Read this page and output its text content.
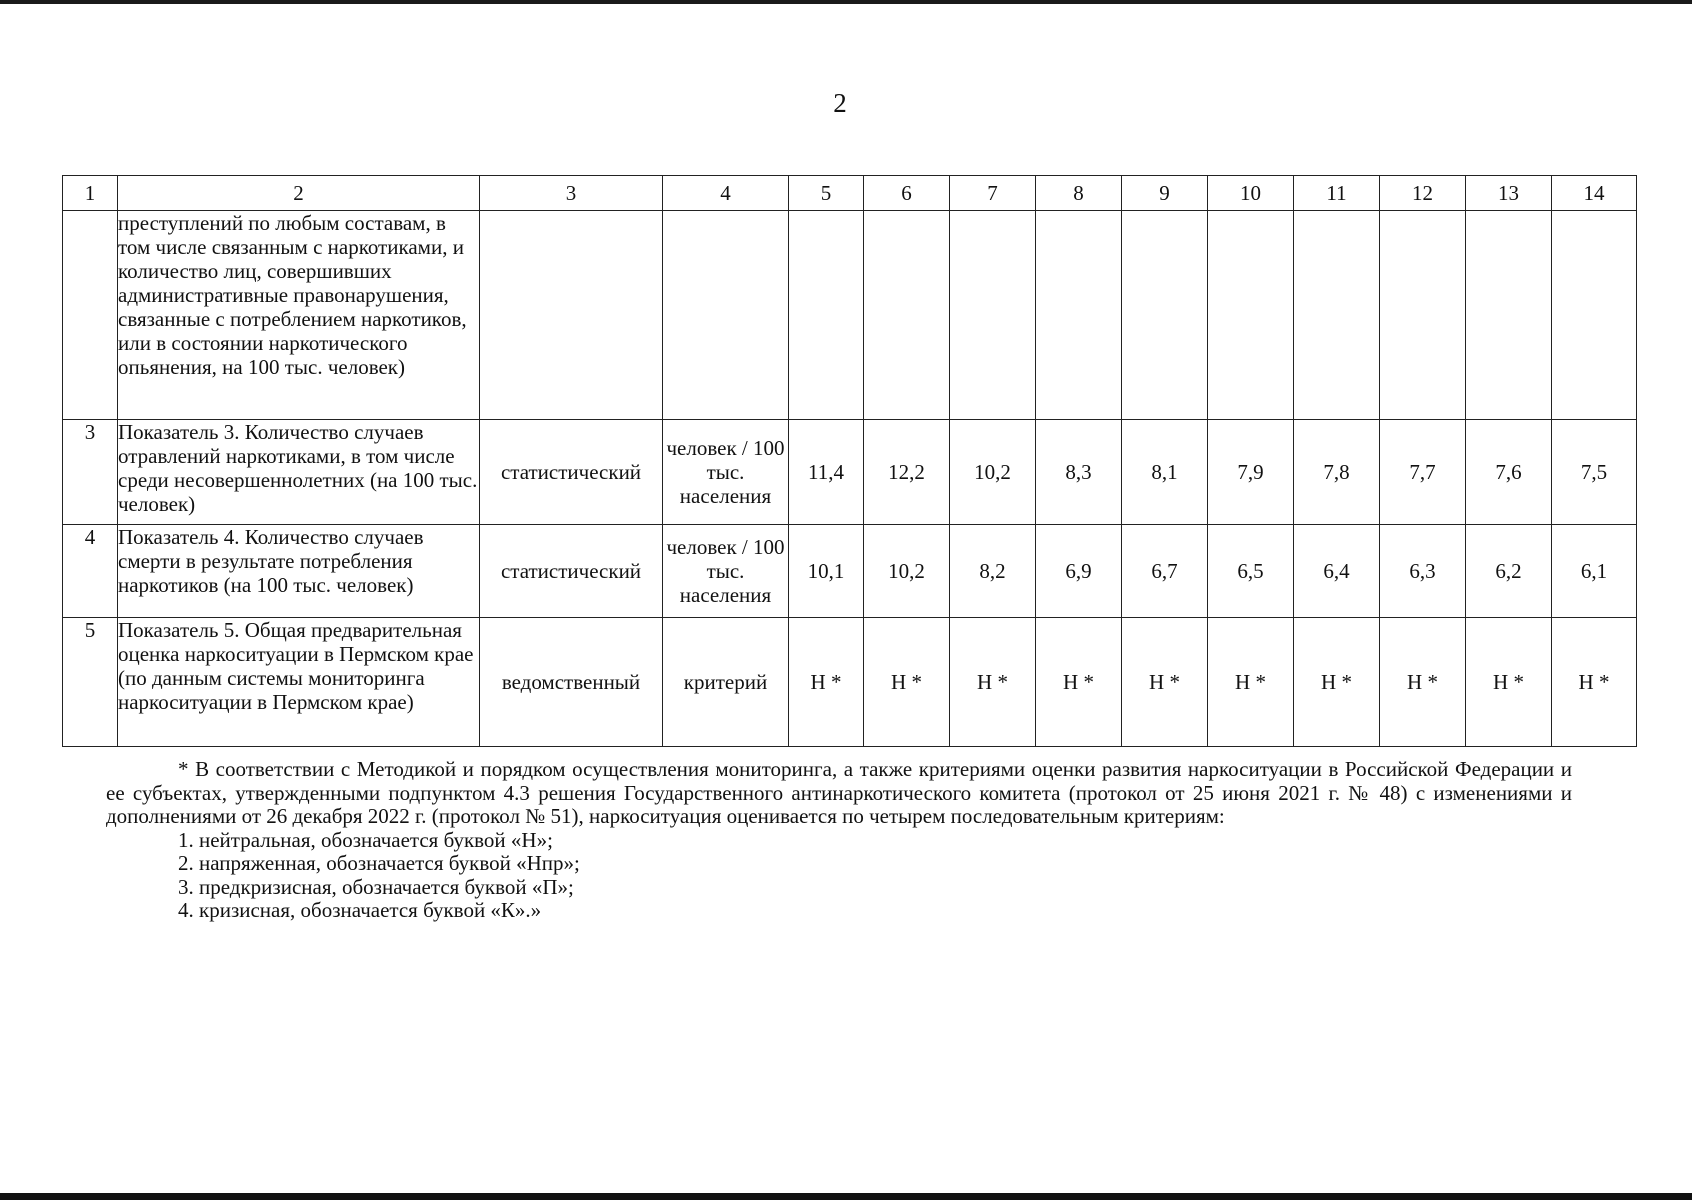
2
1	2	3	4	5	6	7	8	9	10	11	12	13	14
	преступлений по любым составам, в том числе связанным с наркотиками, и количество лиц, совершивших административные правонарушения, связанные с потреблением наркотиков, или в состоянии наркотического опьянения, на 100 тыс. человек)												
3	Показатель 3. Количество случаев отравлений наркотиками, в том числе среди несовершеннолетних (на 100 тыс. человек)	статистический	человек / 100 тыс. населения	11,4	12,2	10,2	8,3	8,1	7,9	7,8	7,7	7,6	7,5
4	Показатель 4. Количество случаев смерти в результате потребления наркотиков (на 100 тыс. человек)	статистический	человек / 100 тыс. населения	10,1	10,2	8,2	6,9	6,7	6,5	6,4	6,3	6,2	6,1
5	Показатель 5. Общая предварительная оценка наркоситуации в Пермском крае (по данным системы мониторинга наркоситуации в Пермском крае)	ведомственный	критерий	Н *	Н *	Н *	Н *	Н *	Н *	Н *	Н *	Н *	Н *

* В соответствии с Методикой и порядком осуществления мониторинга, а также критериями оценки развития наркоситуации в Российской Федерации и ее субъектах, утвержденными подпунктом 4.3 решения Государственного антинаркотического комитета (протокол от 25 июня 2021 г. № 48) с изменениями и дополнениями от 26 декабря 2022 г. (протокол № 51), наркоситуация оценивается по четырем последовательным критериям:

1. нейтральная, обозначается буквой «Н»;
2. напряженная, обозначается буквой «Нпр»;
3. предкризисная, обозначается буквой «П»;
4. кризисная, обозначается буквой «К».»
